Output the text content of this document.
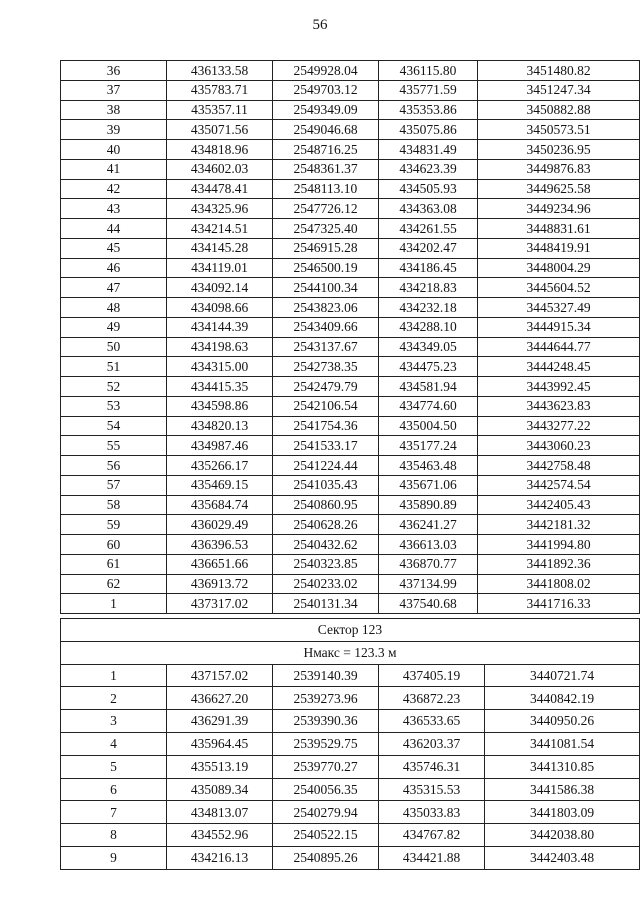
56
36	436133.58	2549928.04	436115.80	3451480.82
37	435783.71	2549703.12	435771.59	3451247.34
38	435357.11	2549349.09	435353.86	3450882.88
39	435071.56	2549046.68	435075.86	3450573.51
40	434818.96	2548716.25	434831.49	3450236.95
41	434602.03	2548361.37	434623.39	3449876.83
42	434478.41	2548113.10	434505.93	3449625.58
43	434325.96	2547726.12	434363.08	3449234.96
44	434214.51	2547325.40	434261.55	3448831.61
45	434145.28	2546915.28	434202.47	3448419.91
46	434119.01	2546500.19	434186.45	3448004.29
47	434092.14	2544100.34	434218.83	3445604.52
48	434098.66	2543823.06	434232.18	3445327.49
49	434144.39	2543409.66	434288.10	3444915.34
50	434198.63	2543137.67	434349.05	3444644.77
51	434315.00	2542738.35	434475.23	3444248.45
52	434415.35	2542479.79	434581.94	3443992.45
53	434598.86	2542106.54	434774.60	3443623.83
54	434820.13	2541754.36	435004.50	3443277.22
55	434987.46	2541533.17	435177.24	3443060.23
56	435266.17	2541224.44	435463.48	3442758.48
57	435469.15	2541035.43	435671.06	3442574.54
58	435684.74	2540860.95	435890.89	3442405.43
59	436029.49	2540628.26	436241.27	3442181.32
60	436396.53	2540432.62	436613.03	3441994.80
61	436651.66	2540323.85	436870.77	3441892.36
62	436913.72	2540233.02	437134.99	3441808.02
1	437317.02	2540131.34	437540.68	3441716.33
Сектор 123				
Нмакс = 123.3 м				
1	437157.02	2539140.39	437405.19	3440721.74
2	436627.20	2539273.96	436872.23	3440842.19
3	436291.39	2539390.36	436533.65	3440950.26
4	435964.45	2539529.75	436203.37	3441081.54
5	435513.19	2539770.27	435746.31	3441310.85
6	435089.34	2540056.35	435315.53	3441586.38
7	434813.07	2540279.94	435033.83	3441803.09
8	434552.96	2540522.15	434767.82	3442038.80
9	434216.13	2540895.26	434421.88	3442403.48
